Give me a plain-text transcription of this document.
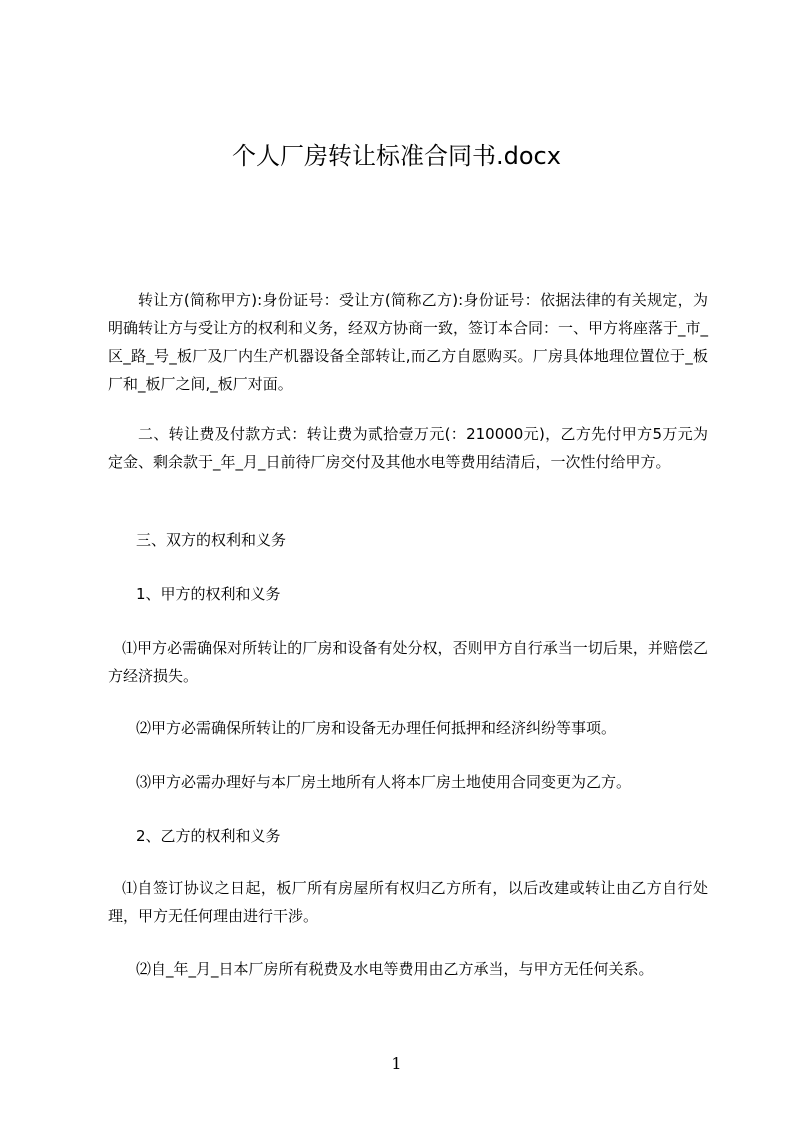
个人厂房转让标准合同书.docx

转让方(简称甲方):身份证号：受让方(简称乙方):身份证号：依据法律的有关规定，为明确转让方与受让方的权利和义务，经双方协商一致，签订本合同：一、甲方将座落于_市_区_路_号_板厂及厂内生产机器设备全部转让,而乙方自愿购买。厂房具体地理位置位于_板厂和_板厂之间,_板厂对面。

二、转让费及付款方式：转让费为贰拾壹万元(：210000元)，乙方先付甲方5万元为定金、剩余款于_年_月_日前待厂房交付及其他水电等费用结清后，一次性付给甲方。

三、双方的权利和义务

1、甲方的权利和义务

⑴甲方必需确保对所转让的厂房和设备有处分权，否则甲方自行承当一切后果，并赔偿乙方经济损失。

⑵甲方必需确保所转让的厂房和设备无办理任何抵押和经济纠纷等事项。

⑶甲方必需办理好与本厂房土地所有人将本厂房土地使用合同变更为乙方。

2、乙方的权利和义务

⑴自签订协议之日起，板厂所有房屋所有权归乙方所有，以后改建或转让由乙方自行处理，甲方无任何理由进行干涉。

⑵自_年_月_日本厂房所有税费及水电等费用由乙方承当，与甲方无任何关系。

1
